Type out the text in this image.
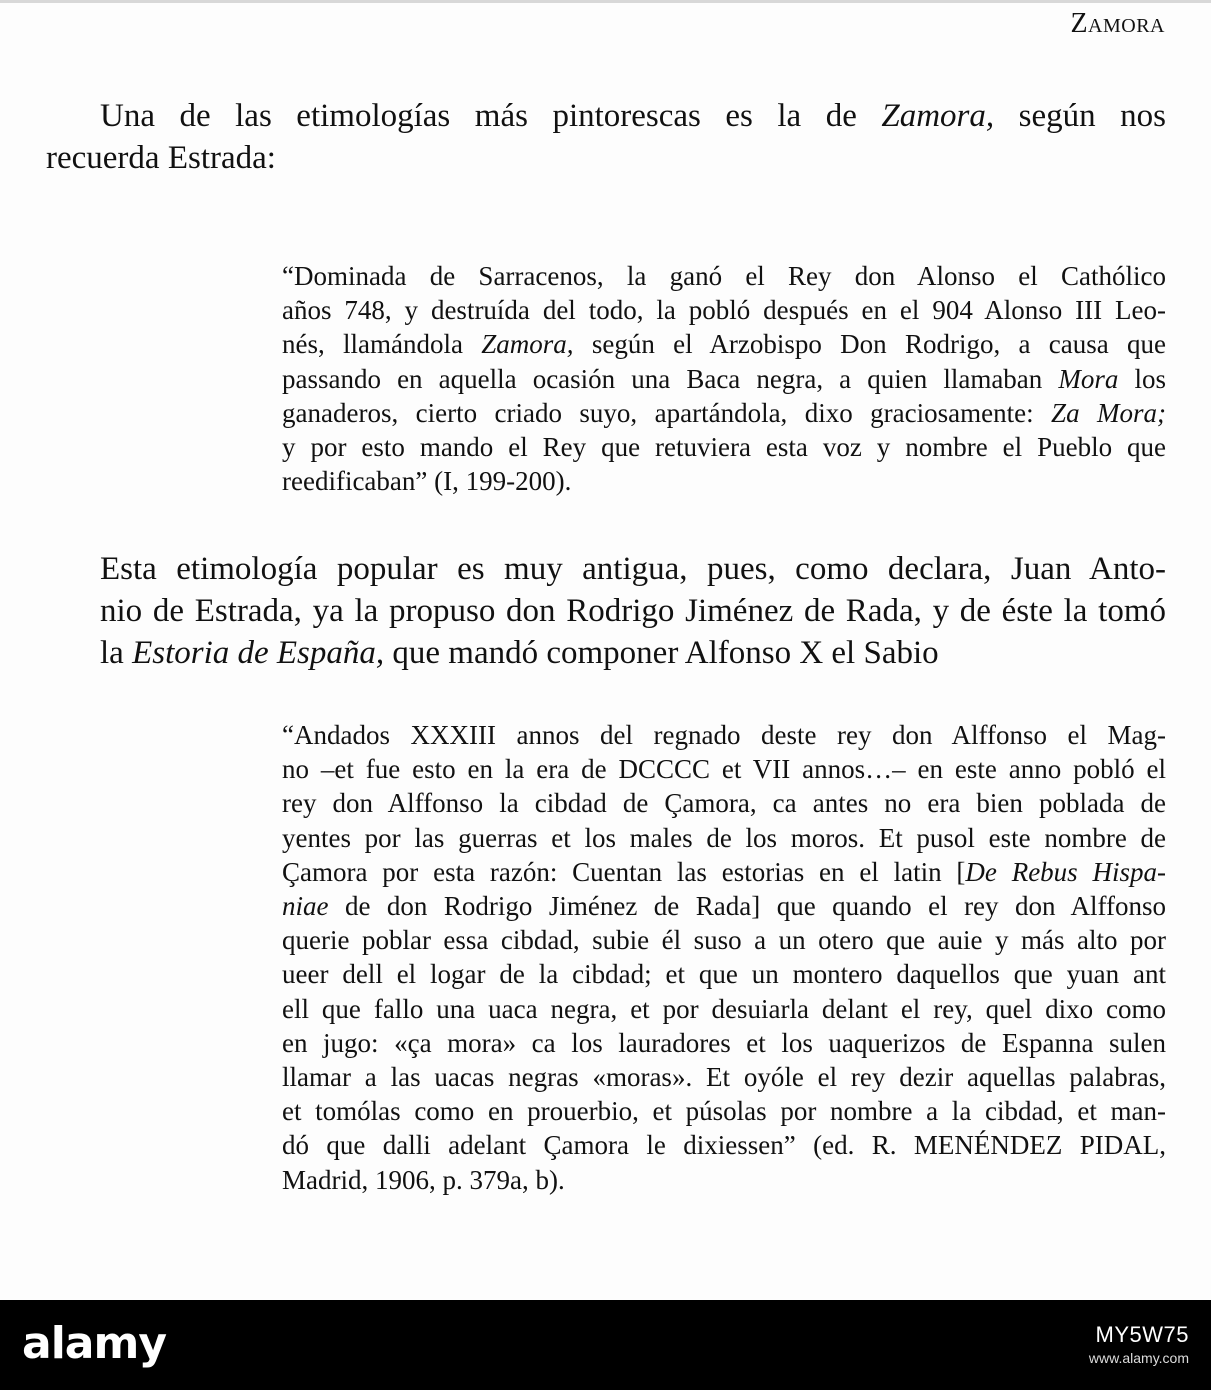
Zamora
Una de las etimologías más pintorescas es la de Zamora, según nos
recuerda Estrada:
“Dominada de Sarracenos, la ganó el Rey don Alonso el Cathólico
años 748, y destruída del todo, la pobló después en el 904 Alonso III Leo-
nés, llamándola Zamora, según el Arzobispo Don Rodrigo, a causa que
passando en aquella ocasión una Baca negra, a quien llamaban Mora los
ganaderos, cierto criado suyo, apartándola, dixo graciosamente: Za Mora;
y por esto mando el Rey que retuviera esta voz y nombre el Pueblo que
reedificaban” (I, 199-200).
Esta etimología popular es muy antigua, pues, como declara, Juan Anto-
nio de Estrada, ya la propuso don Rodrigo Jiménez de Rada, y de éste la tomó
la Estoria de España, que mandó componer Alfonso X el Sabio
“Andados XXXIII annos del regnado deste rey don Alffonso el Mag-
no –et fue esto en la era de DCCCC et VII annos…– en este anno pobló el
rey don Alffonso la cibdad de Çamora, ca antes no era bien poblada de
yentes por las guerras et los males de los moros. Et pusol este nombre de
Çamora por esta razón: Cuentan las estorias en el latin [De Rebus Hispa-
niae de don Rodrigo Jiménez de Rada] que quando el rey don Alffonso
querie poblar essa cibdad, subie él suso a un otero que auie y más alto por
ueer dell el logar de la cibdad; et que un montero daquellos que yuan ant
ell que fallo una uaca negra, et por desuiarla delant el rey, quel dixo como
en jugo: «ça mora» ca los lauradores et los uaquerizos de Espanna sulen
llamar a las uacas negras «moras». Et oyóle el rey dezir aquellas palabras,
et tomólas como en prouerbio, et púsolas por nombre a la cibdad, et man-
dó que dalli adelant Çamora le dixiessen” (ed. R. MENÉNDEZ PIDAL,
Madrid, 1906, p. 379a, b).
alamy	MY5W75
www.alamy.com
